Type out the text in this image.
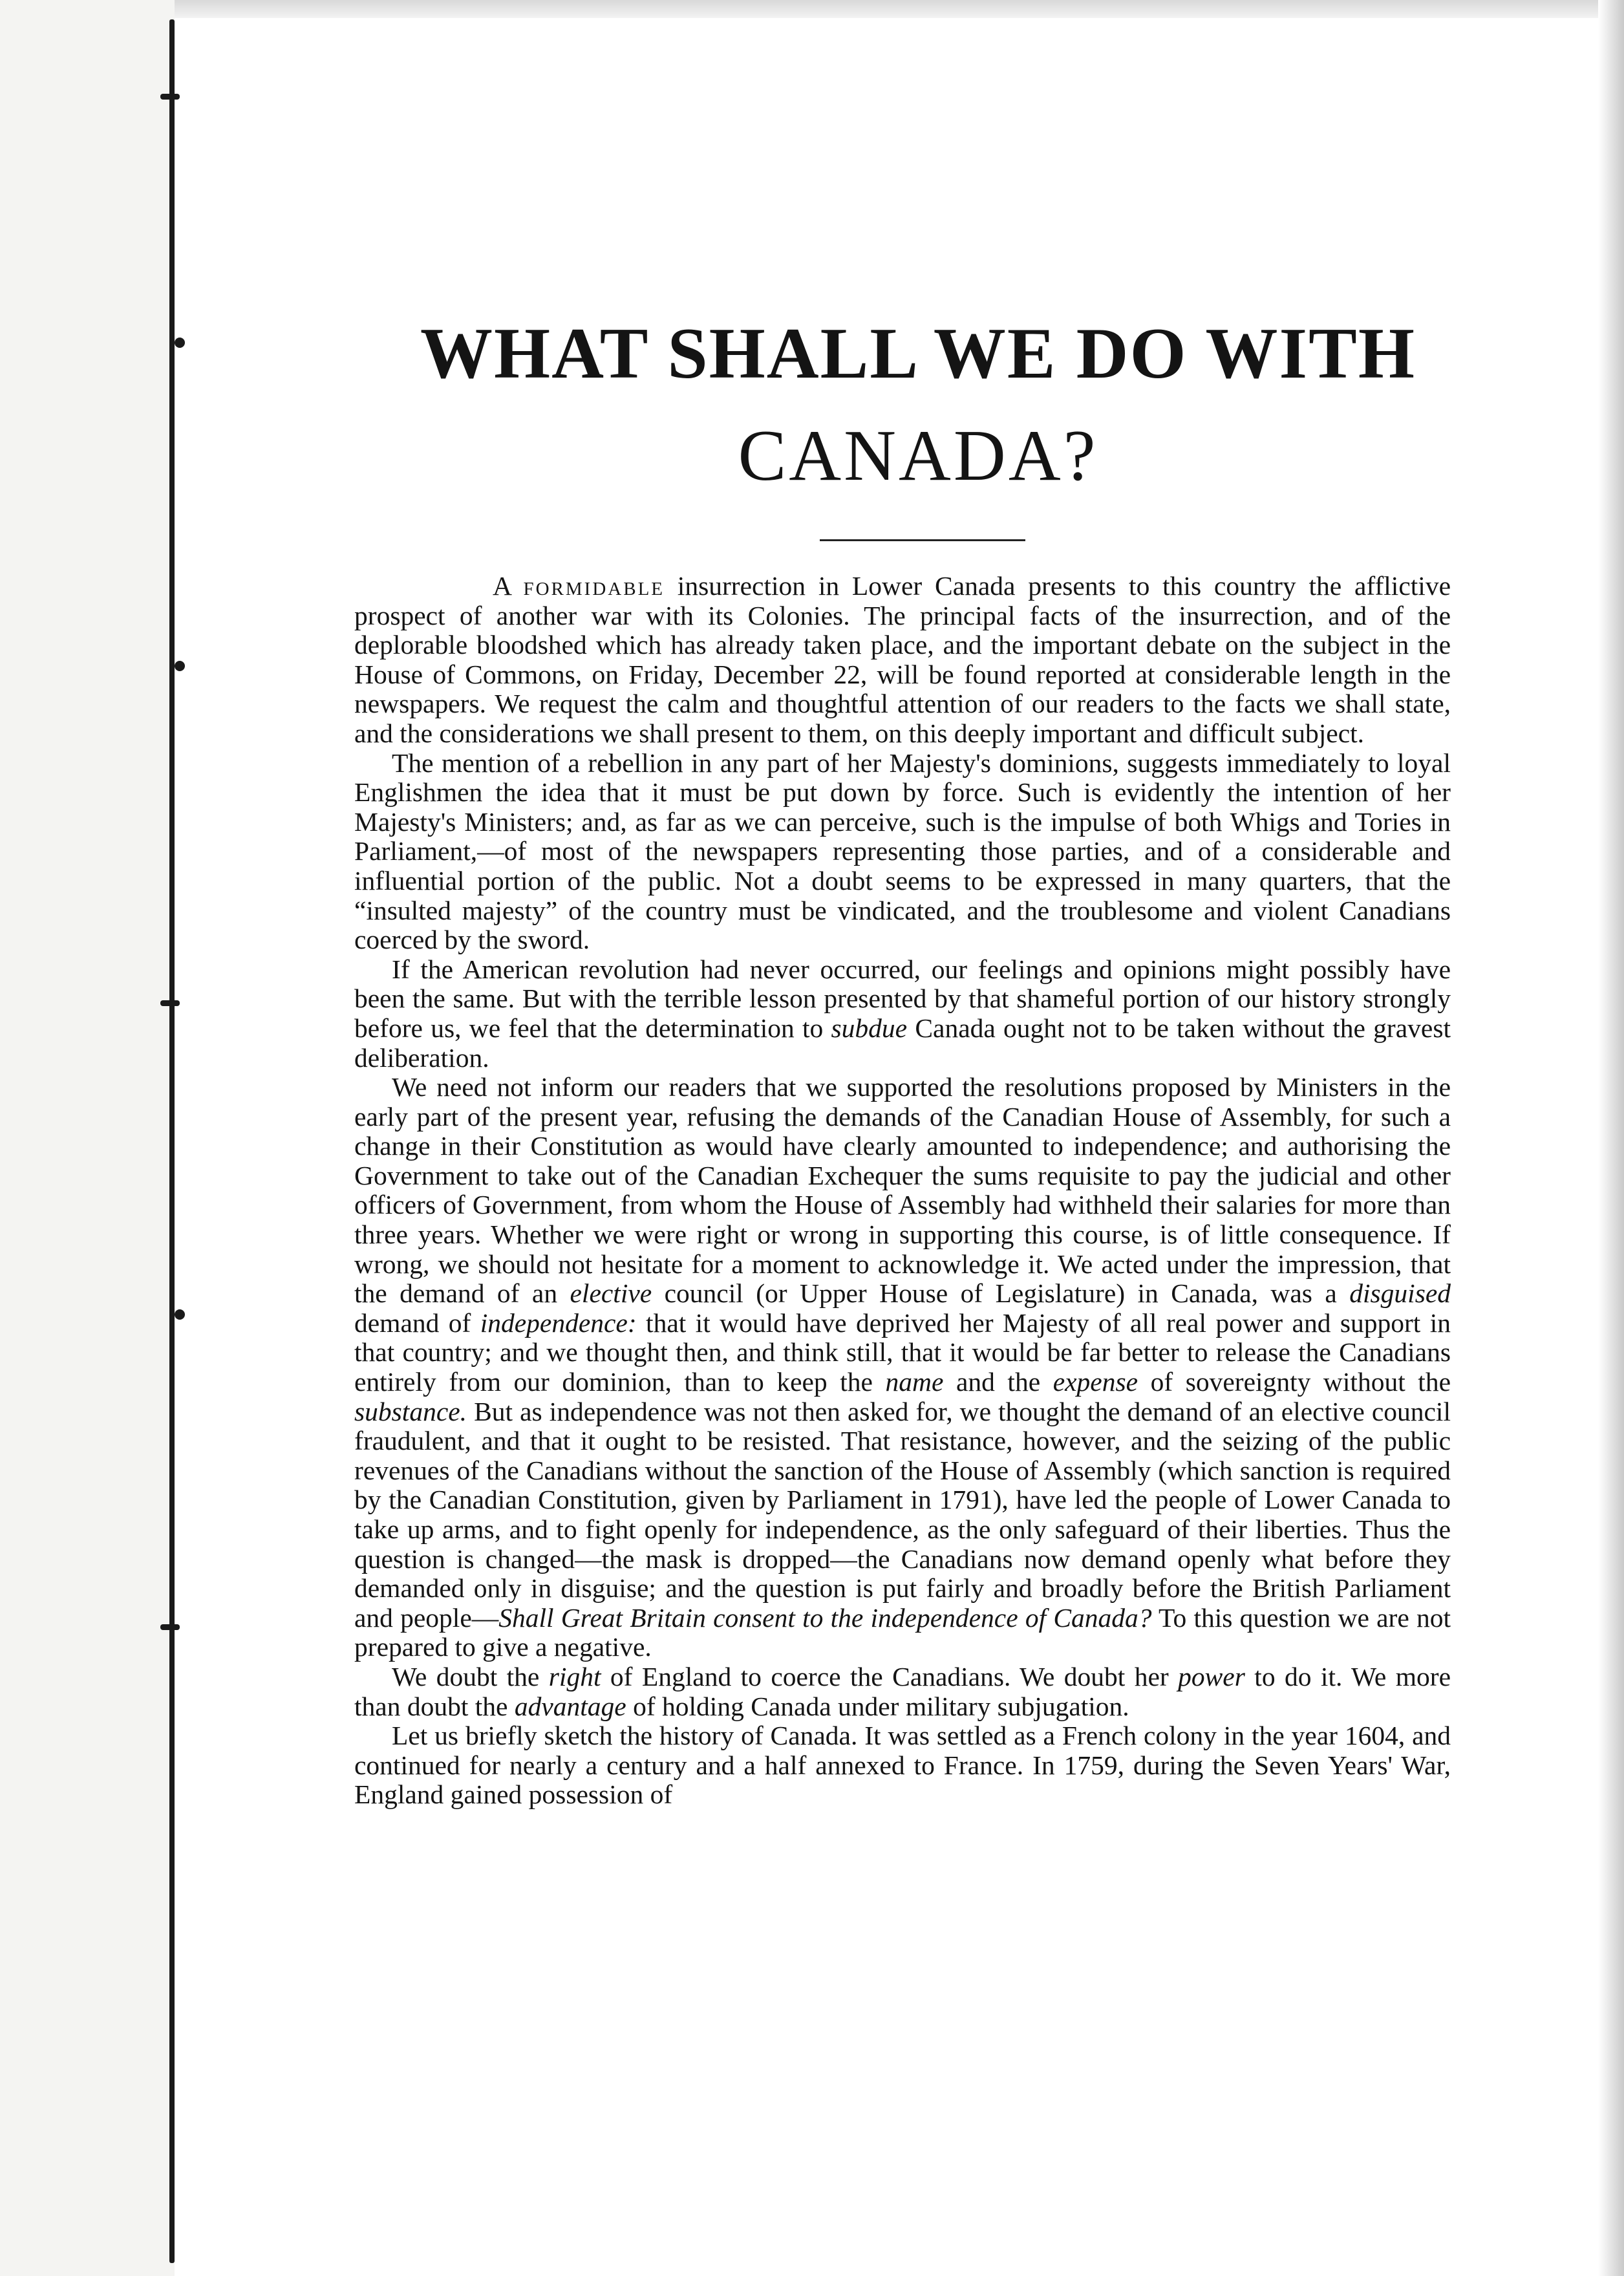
WHAT SHALL WE DO WITH
CANADA?

A formidable insurrection in Lower Canada presents to this country the afflictive prospect of another war with its Colonies. The principal facts of the insurrection, and of the deplorable bloodshed which has already taken place, and the important debate on the subject in the House of Commons, on Friday, December 22, will be found reported at considerable length in the newspapers. We request the calm and thoughtful attention of our readers to the facts we shall state, and the considerations we shall present to them, on this deeply important and difficult subject.

The mention of a rebellion in any part of her Majesty's dominions, suggests immediately to loyal Englishmen the idea that it must be put down by force. Such is evidently the intention of her Majesty's Ministers; and, as far as we can perceive, such is the impulse of both Whigs and Tories in Parliament,—of most of the newspapers representing those parties, and of a considerable and influential portion of the public. Not a doubt seems to be expressed in many quarters, that the “insulted majesty” of the country must be vindicated, and the troublesome and violent Canadians coerced by the sword.

If the American revolution had never occurred, our feelings and opinions might possibly have been the same. But with the terrible lesson presented by that shameful portion of our history strongly before us, we feel that the determination to subdue Canada ought not to be taken without the gravest deliberation.

We need not inform our readers that we supported the resolutions proposed by Ministers in the early part of the present year, refusing the demands of the Canadian House of Assembly, for such a change in their Constitution as would have clearly amounted to independence; and authorising the Government to take out of the Canadian Exchequer the sums requisite to pay the judicial and other officers of Government, from whom the House of Assembly had withheld their salaries for more than three years. Whether we were right or wrong in supporting this course, is of little consequence. If wrong, we should not hesitate for a moment to acknowledge it. We acted under the impression, that the demand of an elective council (or Upper House of Legislature) in Canada, was a disguised demand of independence: that it would have deprived her Majesty of all real power and support in that country; and we thought then, and think still, that it would be far better to release the Canadians entirely from our dominion, than to keep the name and the expense of sovereignty without the substance. But as independence was not then asked for, we thought the demand of an elective council fraudulent, and that it ought to be resisted. That resistance, however, and the seizing of the public revenues of the Canadians without the sanction of the House of Assembly (which sanction is required by the Canadian Constitution, given by Parliament in 1791), have led the people of Lower Canada to take up arms, and to fight openly for independence, as the only safeguard of their liberties. Thus the question is changed—the mask is dropped—the Canadians now demand openly what before they demanded only in disguise; and the question is put fairly and broadly before the British Parliament and people—Shall Great Britain consent to the independence of Canada? To this question we are not prepared to give a negative.

We doubt the right of England to coerce the Canadians. We doubt her power to do it. We more than doubt the advantage of holding Canada under military subjugation.

Let us briefly sketch the history of Canada. It was settled as a French colony in the year 1604, and continued for nearly a century and a half annexed to France. In 1759, during the Seven Years' War, England gained possession of
